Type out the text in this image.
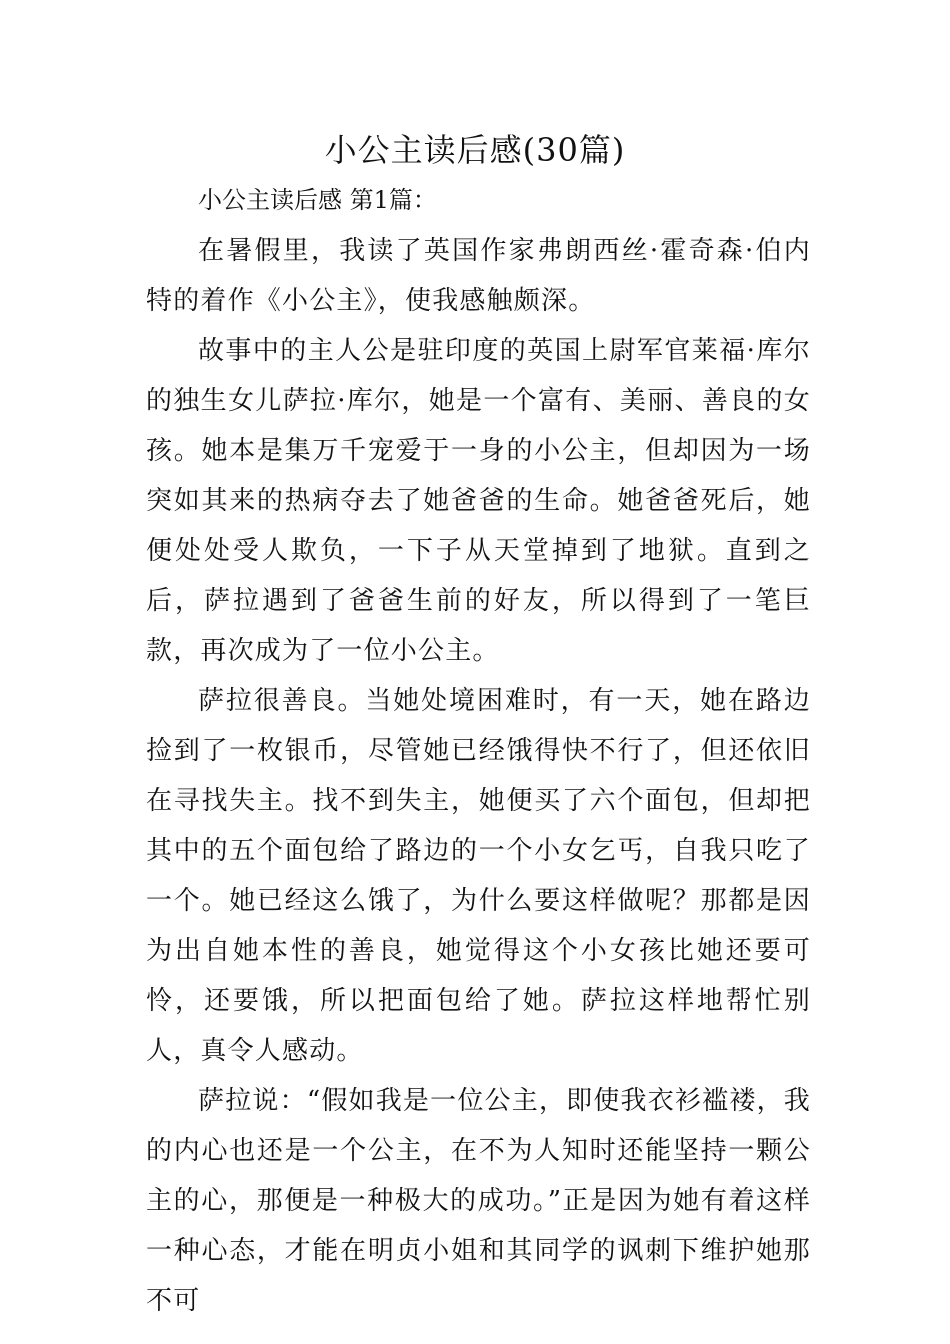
小公主读后感(30篇)
小公主读后感 第1篇：

在暑假里，我读了英国作家弗朗西丝·霍奇森·伯内特的着作《小公主》，使我感触颇深。

故事中的主人公是驻印度的英国上尉军官莱福·库尔的独生女儿萨拉·库尔，她是一个富有、美丽、善良的女孩。她本是集万千宠爱于一身的小公主，但却因为一场突如其来的热病夺去了她爸爸的生命。她爸爸死后，她便处处受人欺负，一下子从天堂掉到了地狱。直到之后，萨拉遇到了爸爸生前的好友，所以得到了一笔巨款，再次成为了一位小公主。

萨拉很善良。当她处境困难时，有一天，她在路边捡到了一枚银币，尽管她已经饿得快不行了，但还依旧在寻找失主。找不到失主，她便买了六个面包，但却把其中的五个面包给了路边的一个小女乞丐，自我只吃了一个。她已经这么饿了，为什么要这样做呢？那都是因为出自她本性的善良，她觉得这个小女孩比她还要可怜，还要饿，所以把面包给了她。萨拉这样地帮忙别人，真令人感动。

萨拉说：“假如我是一位公主，即使我衣衫褴褛，我的内心也还是一个公主，在不为人知时还能坚持一颗公主的心，那便是一种极大的成功。”正是因为她有着这样一种心态，才能在明贞小姐和其同学的讽刺下维护她那不可
